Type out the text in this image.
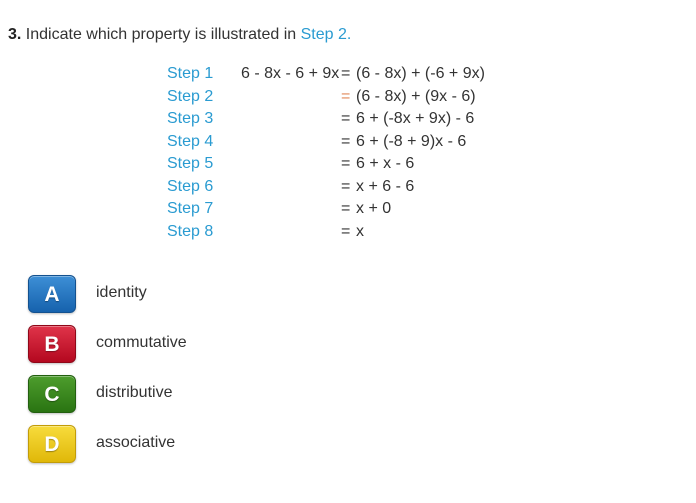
3. Indicate which property is illustrated in Step 2.
Step 1 6 - 8x - 6 + 9x = (6 - 8x) + (-6 + 9x)
Step 2	= (6 - 8x) + (9x - 6)
Step 3	= 6 + (-8x + 9x) - 6
Step 4	= 6 + (-8 + 9)x - 6
Step 5	= 6 + x - 6
Step 6	= x + 6 - 6
Step 7	= x + 0
Step 8	= x
A	identity
B	commutative
C	distributive
D	associative
